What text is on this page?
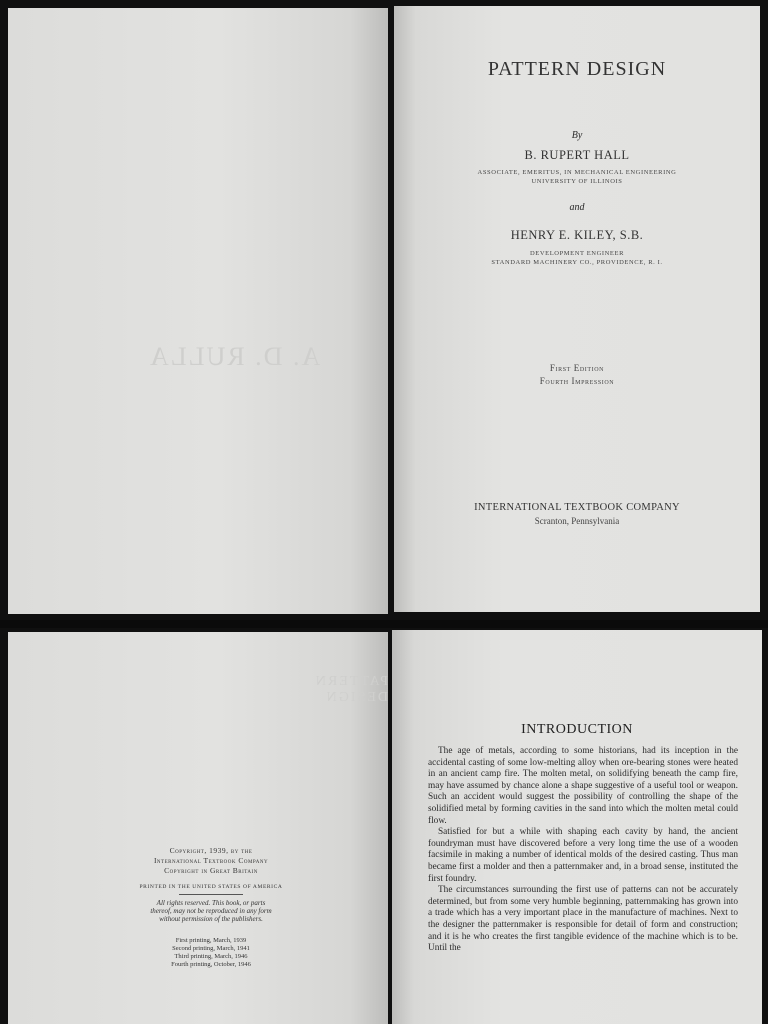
A. D. RULLA
PATTERN DESIGN
By
B. RUPERT HALL
ASSOCIATE, EMERITUS, IN MECHANICAL ENGINEERING
UNIVERSITY OF ILLINOIS
and
HENRY E. KILEY, S.B.
DEVELOPMENT ENGINEER
STANDARD MACHINERY CO., PROVIDENCE, R. I.
First Edition
Fourth Impression
INTERNATIONAL TEXTBOOK COMPANY
Scranton, Pennsylvania
PATTERN DESIGN
Copyright, 1939, by the
International Textbook Company
Copyright in Great Britain
PRINTED IN THE UNITED STATES OF AMERICA
All rights reserved. This book, or parts
thereof, may not be reproduced in any form
without permission of the publishers.
First printing, March, 1939
Second printing, March, 1941
Third printing, March, 1946
Fourth printing, October, 1946
INTRODUCTION

The age of metals, according to some historians, had its inception in the accidental casting of some low-melting alloy when ore-bearing stones were heated in an ancient camp fire. The molten metal, on solidifying beneath the camp fire, may have assumed by chance alone a shape suggestive of a useful tool or weapon. Such an accident would suggest the possibility of controlling the shape of the solidified metal by forming cavities in the sand into which the molten metal could flow.

Satisfied for but a while with shaping each cavity by hand, the ancient foundryman must have discovered before a very long time the use of a wooden facsimile in making a number of identical molds of the desired casting. Thus man became first a molder and then a patternmaker and, in a broad sense, instituted the first foundry.

The circumstances surrounding the first use of patterns can not be accurately determined, but from some very humble beginning, patternmaking has grown into a trade which has a very important place in the manufacture of machines. Next to the designer the patternmaker is responsible for detail of form and construction; and it is he who creates the first tangible evidence of the machine which is to be. Until the
